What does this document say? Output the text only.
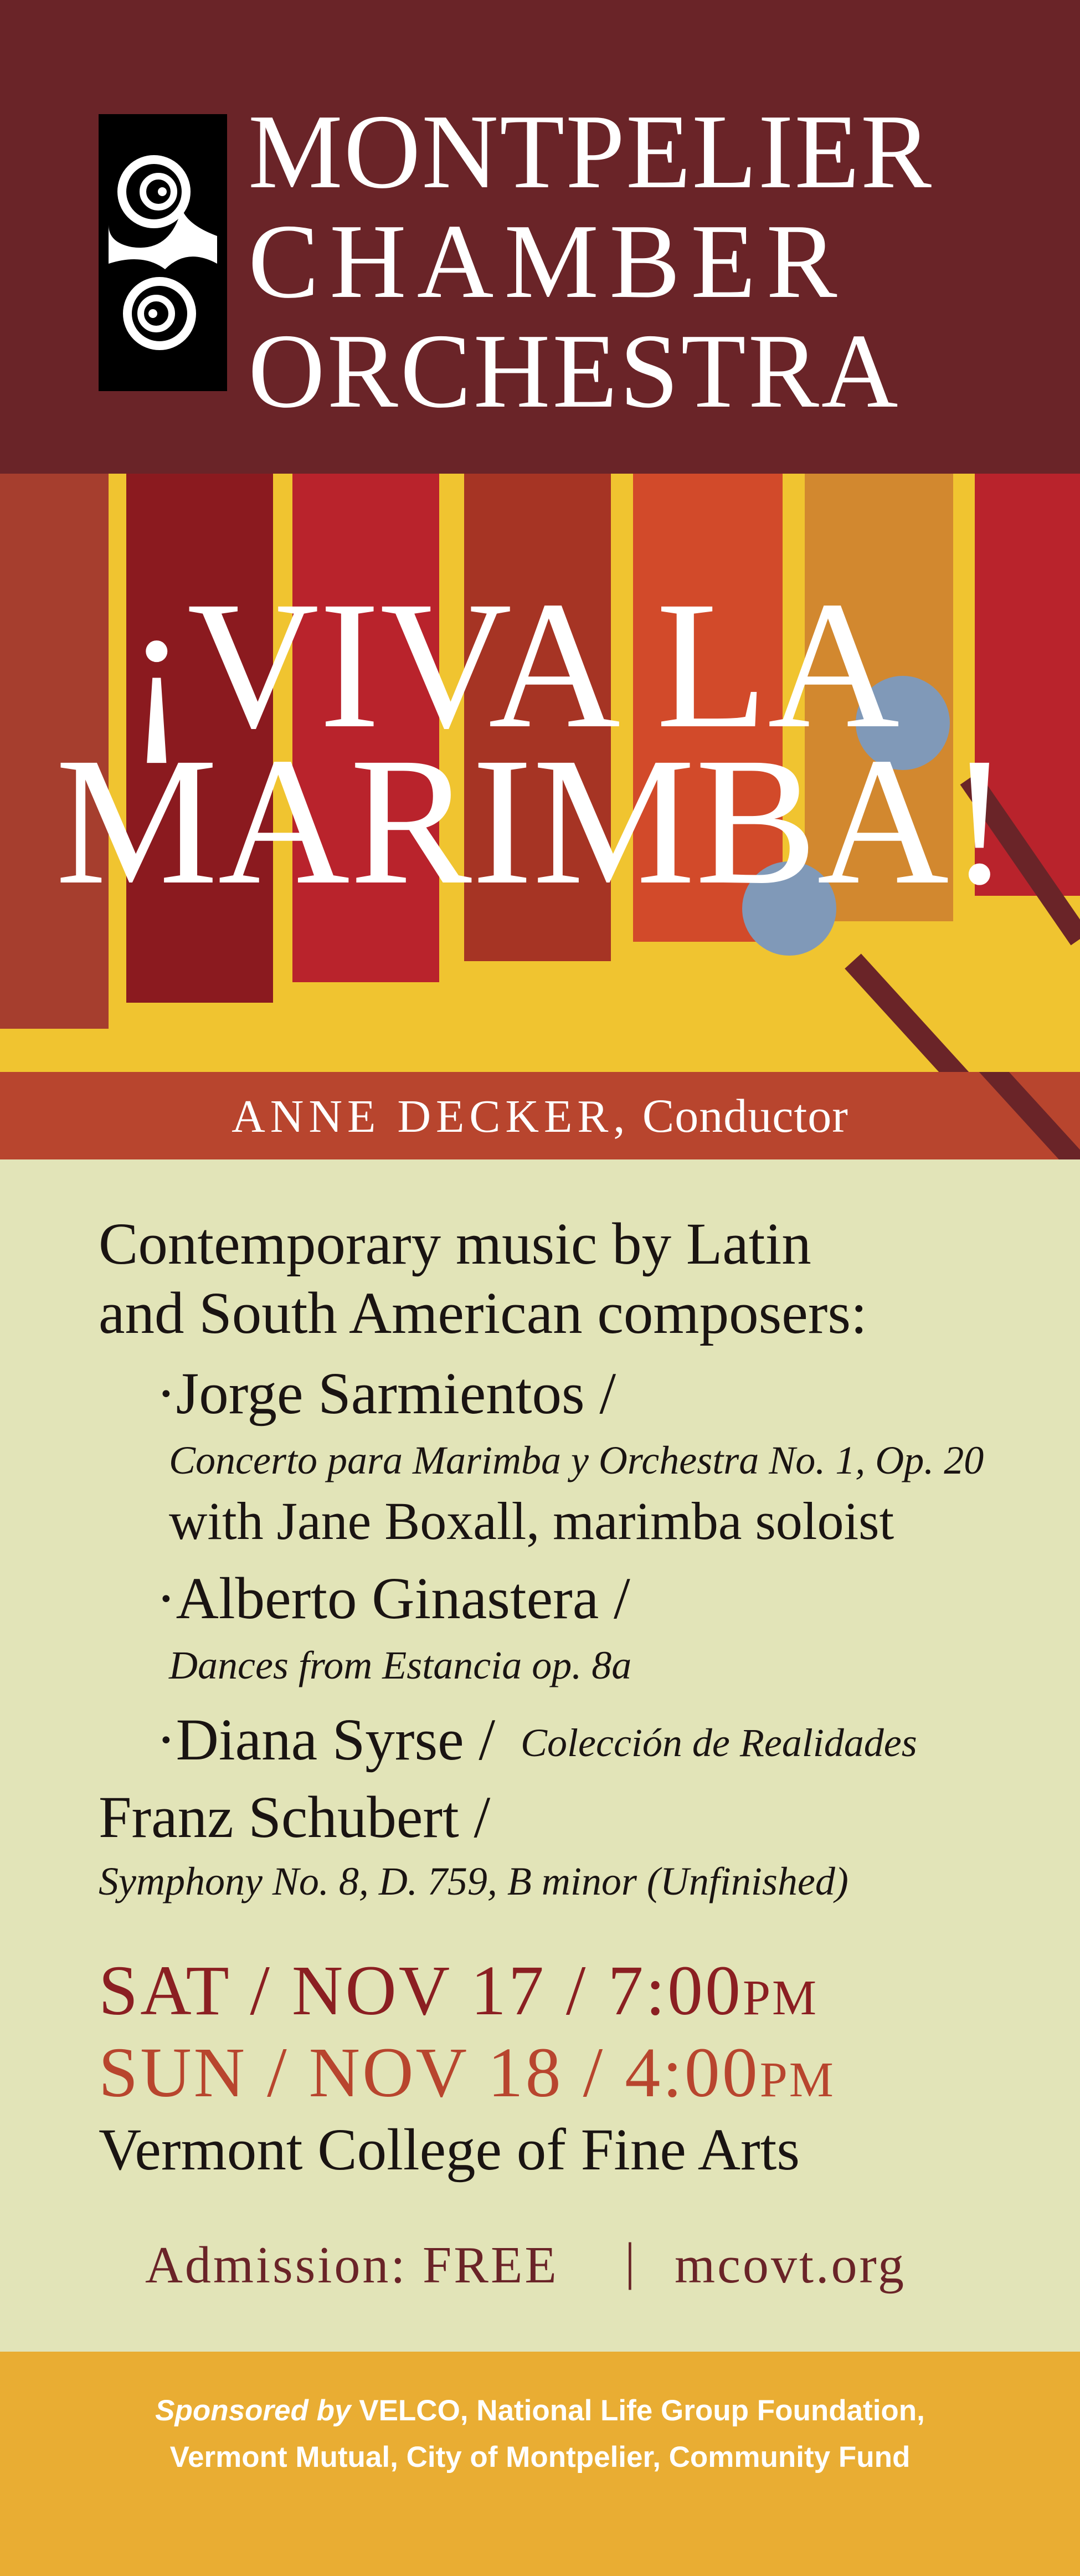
MONTPELIER
CHAMBER
ORCHESTRA
¡VIVA LA
MARIMBA!
ANNE DECKER, Conductor
Contemporary music by Latin
and South American composers:
·Jorge Sarmientos /
Concerto para Marimba y Orchestra No. 1, Op. 20
with Jane Boxall, marimba soloist
·Alberto Ginastera /
Dances from Estancia op. 8a
·Diana Syrse / Colección de Realidades
Franz Schubert /
Symphony No. 8, D. 759, B minor (Unfinished)
SAT / NOV 17 / 7:00PM
SUN / NOV 18 / 4:00PM
Vermont College of Fine Arts
Admission: FREE | mcovt.org
Sponsored by VELCO, National Life Group Foundation,
Vermont Mutual, City of Montpelier, Community Fund
